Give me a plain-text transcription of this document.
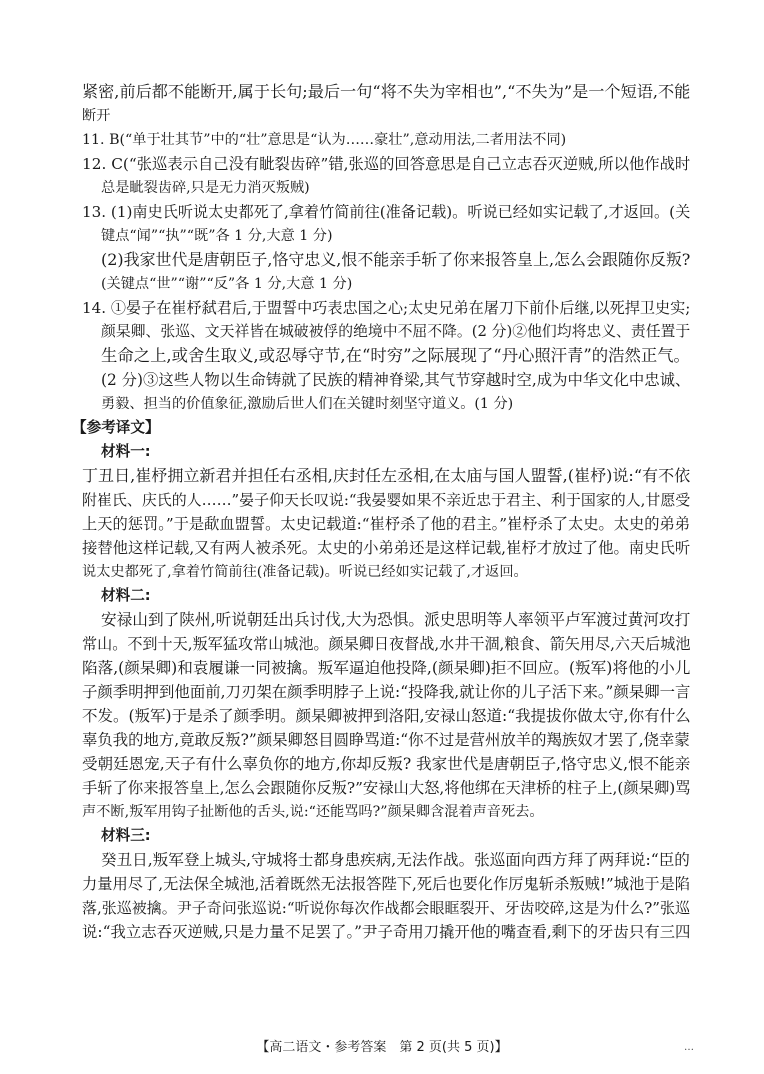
紧密,前后都不能断开,属于长句;最后一句“将不失为宰相也”,“不失为”是一个短语,不能
断开
11. B(“单于壮其节”中的“壮”意思是“认为……豪壮”,意动用法,二者用法不同)
12. C(“张巡表示自己没有眦裂齿碎”错,张巡的回答意思是自己立志吞灭逆贼,所以他作战时
总是眦裂齿碎,只是无力消灭叛贼)
13. (1)南史氏听说太史都死了,拿着竹简前往(准备记载)。听说已经如实记载了,才返回。(关
键点“闻”“执”“既”各 1 分,大意 1 分)
(2)我家世代是唐朝臣子,恪守忠义,恨不能亲手斩了你来报答皇上,怎么会跟随你反叛?
(关键点“世”“谢”“反”各 1 分,大意 1 分)
14. ①晏子在崔杼弑君后,于盟誓中巧表忠国之心;太史兄弟在屠刀下前仆后继,以死捍卫史实;
颜杲卿、张巡、文天祥皆在城破被俘的绝境中不屈不降。(2 分)②他们均将忠义、责任置于
生命之上,或舍生取义,或忍辱守节,在“时穷”之际展现了“丹心照汗青”的浩然正气。
(2 分)③这些人物以生命铸就了民族的精神脊梁,其气节穿越时空,成为中华文化中忠诚、
勇毅、担当的价值象征,激励后世人们在关键时刻坚守道义。(1 分)
【参考译文】
材料一:
丁丑日,崔杼拥立新君并担任右丞相,庆封任左丞相,在太庙与国人盟誓,(崔杼)说:“有不依
附崔氏、庆氏的人……”晏子仰天长叹说:“我晏婴如果不亲近忠于君主、利于国家的人,甘愿受
上天的惩罚。”于是歃血盟誓。太史记载道:“崔杼杀了他的君主。”崔杼杀了太史。太史的弟弟
接替他这样记载,又有两人被杀死。太史的小弟弟还是这样记载,崔杼才放过了他。南史氏听
说太史都死了,拿着竹简前往(准备记载)。听说已经如实记载了,才返回。
材料二:
安禄山到了陕州,听说朝廷出兵讨伐,大为恐惧。派史思明等人率领平卢军渡过黄河攻打
常山。不到十天,叛军猛攻常山城池。颜杲卿日夜督战,水井干涸,粮食、箭矢用尽,六天后城池
陷落,(颜杲卿)和袁履谦一同被擒。叛军逼迫他投降,(颜杲卿)拒不回应。(叛军)将他的小儿
子颜季明押到他面前,刀刃架在颜季明脖子上说:“投降我,就让你的儿子活下来。”颜杲卿一言
不发。(叛军)于是杀了颜季明。颜杲卿被押到洛阳,安禄山怒道:“我提拔你做太守,你有什么
辜负我的地方,竟敢反叛?”颜杲卿怒目圆睁骂道:“你不过是营州放羊的羯族奴才罢了,侥幸蒙
受朝廷恩宠,天子有什么辜负你的地方,你却反叛? 我家世代是唐朝臣子,恪守忠义,恨不能亲
手斩了你来报答皇上,怎么会跟随你反叛?”安禄山大怒,将他绑在天津桥的柱子上,(颜杲卿)骂
声不断,叛军用钩子扯断他的舌头,说:“还能骂吗?”颜杲卿含混着声音死去。
材料三:
癸丑日,叛军登上城头,守城将士都身患疾病,无法作战。张巡面向西方拜了两拜说:“臣的
力量用尽了,无法保全城池,活着既然无法报答陛下,死后也要化作厉鬼斩杀叛贼!”城池于是陷
落,张巡被擒。尹子奇问张巡说:“听说你每次作战都会眼眶裂开、牙齿咬碎,这是为什么?”张巡
说:“我立志吞灭逆贼,只是力量不足罢了。”尹子奇用刀撬开他的嘴查看,剩下的牙齿只有三四
【高二语文・参考答案　第 2 页(共 5 页)】	…
